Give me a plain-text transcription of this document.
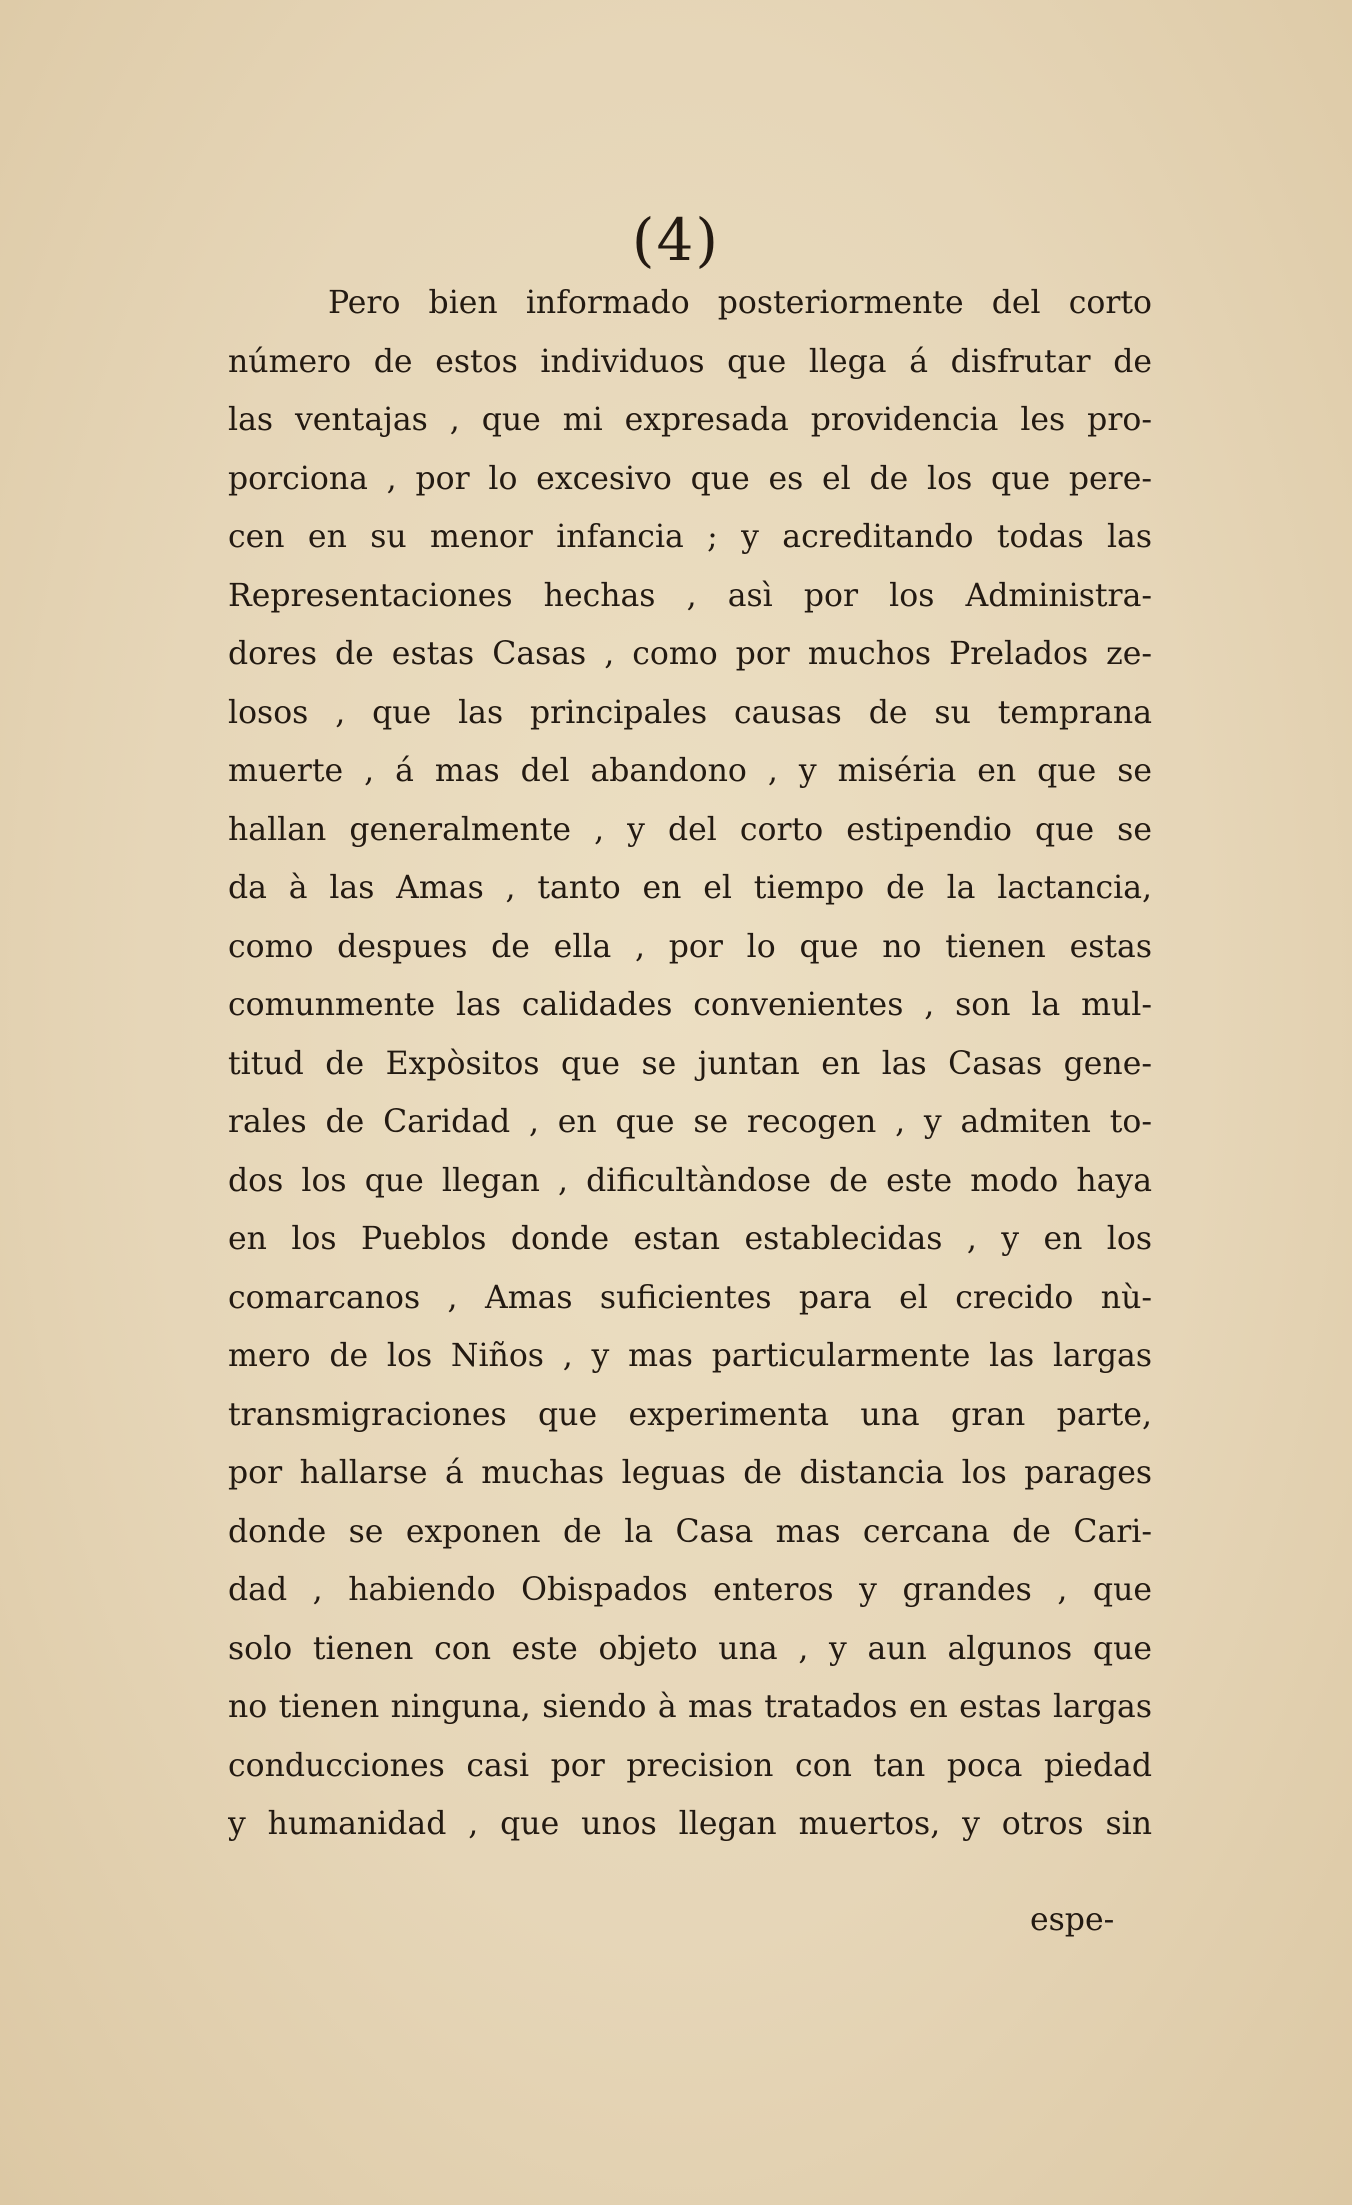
(4)
Pero bien informado posteriormente del corto
número de estos individuos que llega á disfrutar de
las ventajas , que mi expresada providencia les pro-
porciona , por lo excesivo que es el de los que pere-
cen en su menor infancia ; y acreditando todas las
Representaciones hechas , asì por los Administra-
dores de estas Casas , como por muchos Prelados ze-
losos , que las principales causas de su temprana
muerte , á mas del abandono , y miséria en que se
hallan generalmente , y del corto estipendio que se
da à las Amas , tanto en el tiempo de la lactancia,
como despues de ella , por lo que no tienen estas
comunmente las calidades convenientes , son la mul-
titud de Expòsitos que se juntan en las Casas gene-
rales de Caridad , en que se recogen , y admiten to-
dos los que llegan , dificultàndose de este modo haya
en los Pueblos donde estan establecidas , y en los
comarcanos , Amas suficientes para el crecido nù-
mero de los Niños , y mas particularmente las largas
transmigraciones que experimenta una gran parte,
por hallarse á muchas leguas de distancia los parages
donde se exponen de la Casa mas cercana de Cari-
dad , habiendo Obispados enteros y grandes , que
solo tienen con este objeto una , y aun algunos que
no tienen ninguna, siendo à mas tratados en estas largas
conducciones casi por precision con tan poca piedad
y humanidad , que unos llegan muertos, y otros sin
espe-
